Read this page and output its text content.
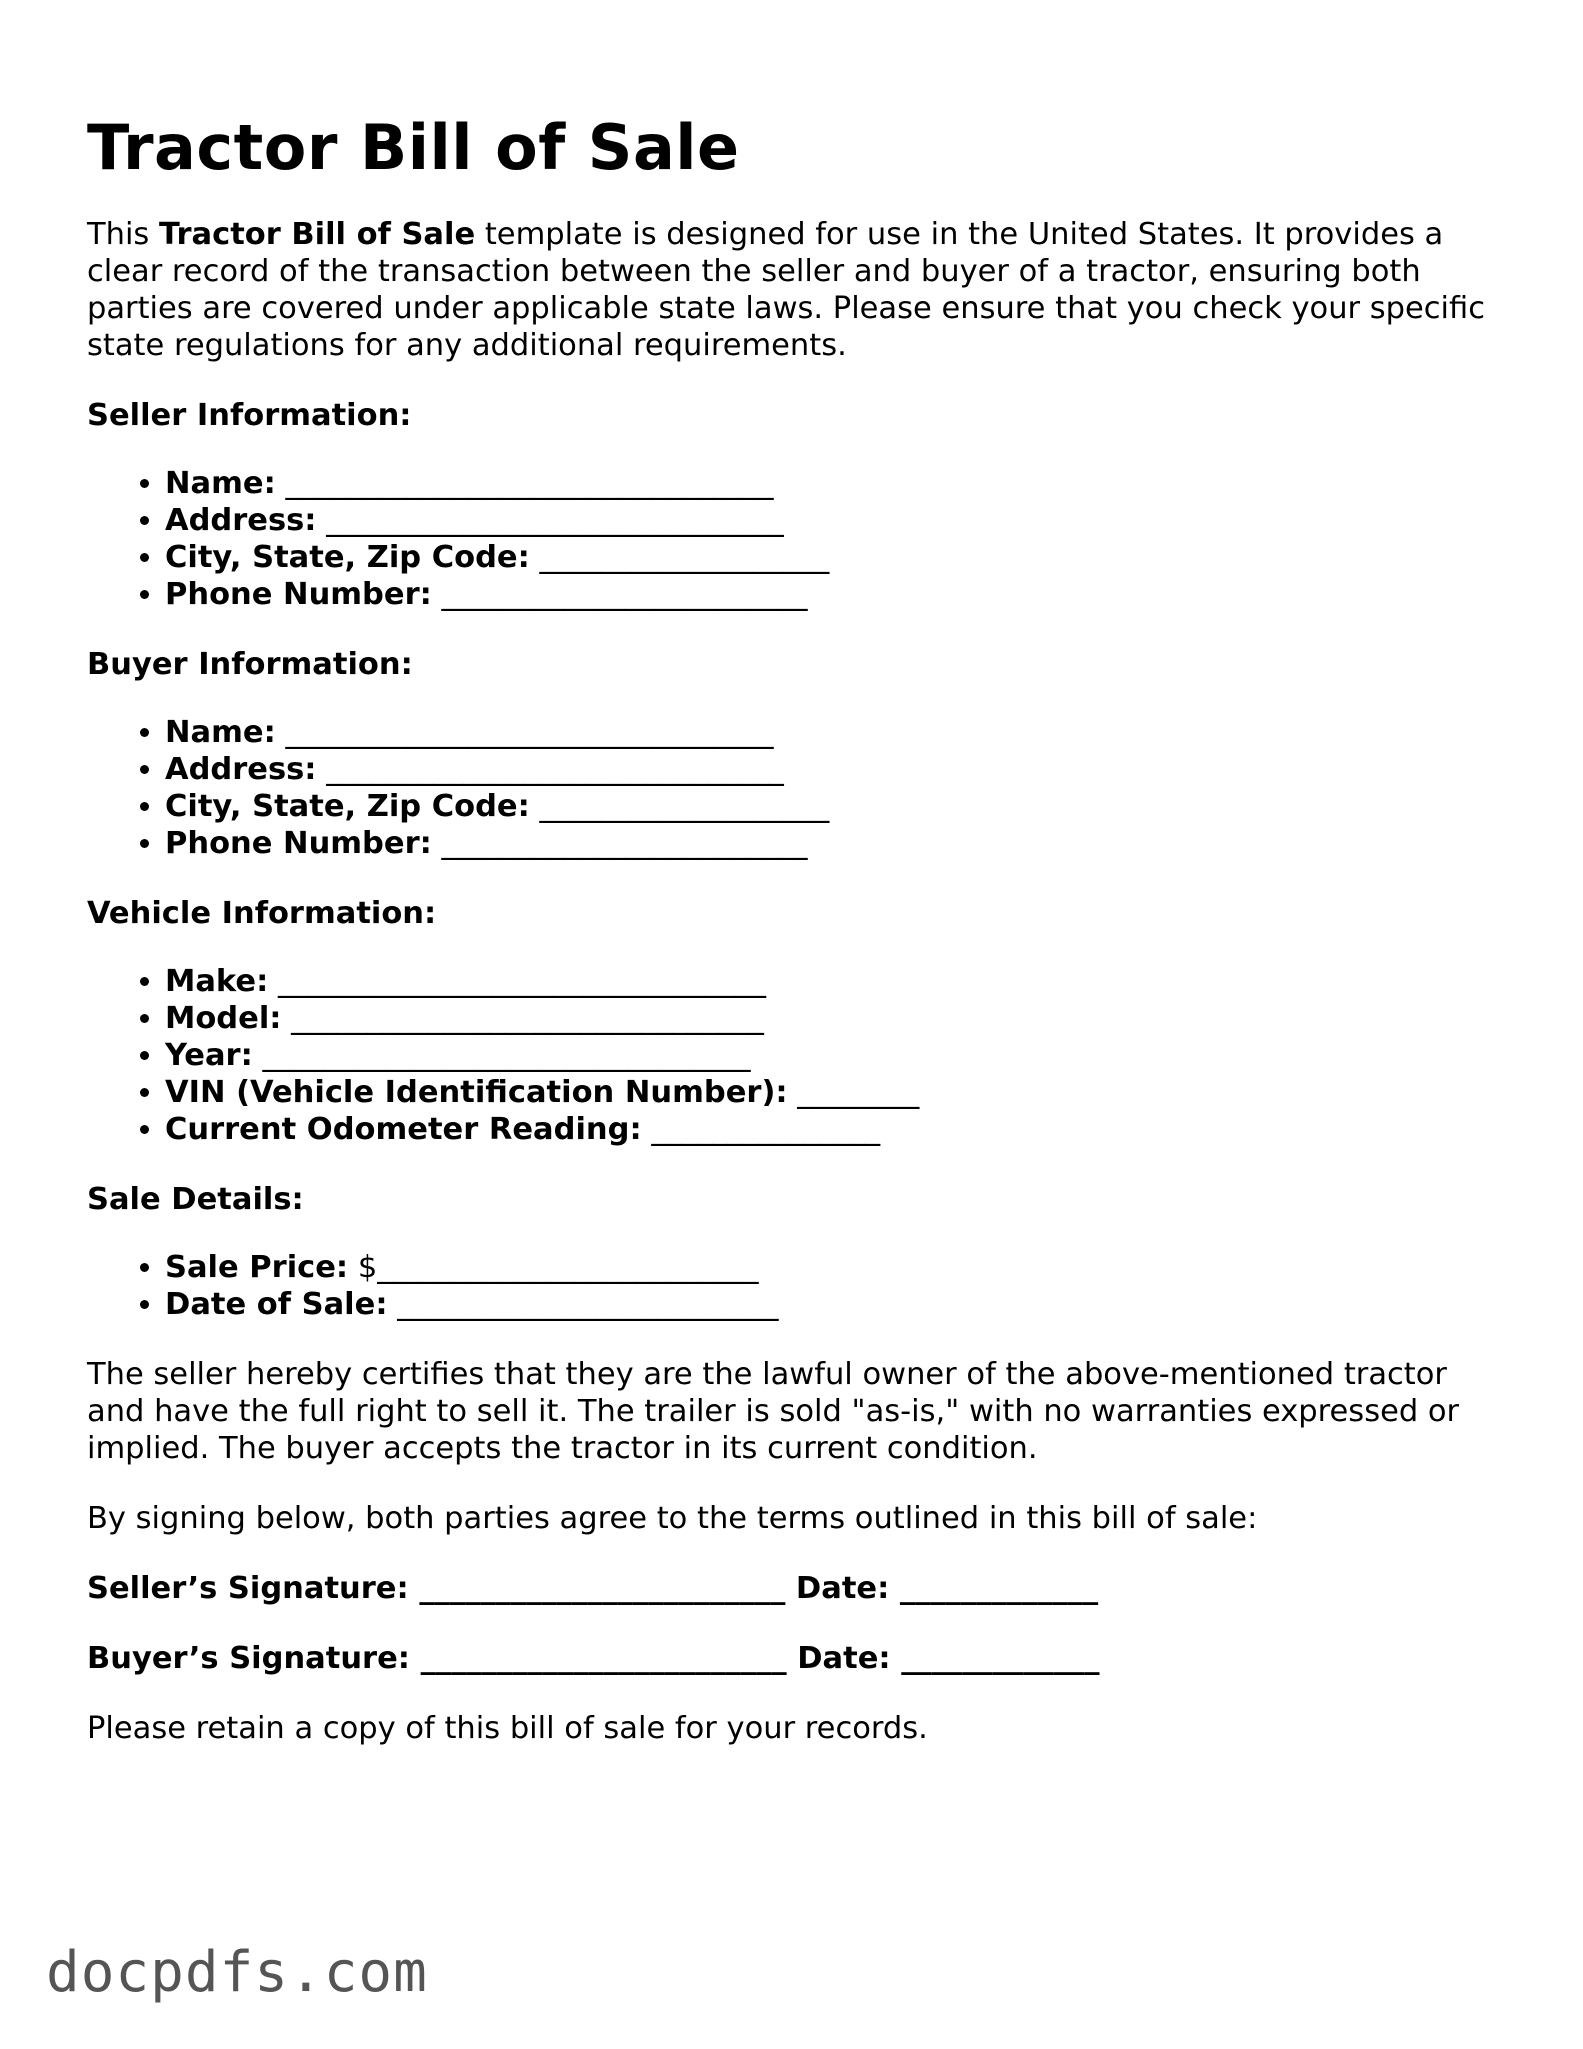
Tractor Bill of Sale

This Tractor Bill of Sale template is designed for use in the United States. It provides a clear record of the transaction between the seller and buyer of a tractor, ensuring both parties are covered under applicable state laws. Please ensure that you check your specific state regulations for any additional requirements.

Seller Information:

• Name: ________________________________
• Address: ______________________________
• City, State, Zip Code: ___________________
• Phone Number: ________________________

Buyer Information:

• Name: ________________________________
• Address: ______________________________
• City, State, Zip Code: ___________________
• Phone Number: ________________________

Vehicle Information:

• Make: ________________________________
• Model: _______________________________
• Year: ________________________________
• VIN (Vehicle Identification Number): ________
• Current Odometer Reading: _______________

Sale Details:

• Sale Price: $_________________________
• Date of Sale: _________________________

The seller hereby certifies that they are the lawful owner of the above-mentioned tractor and have the full right to sell it. The trailer is sold "as-is," with no warranties expressed or implied. The buyer accepts the tractor in its current condition.

By signing below, both parties agree to the terms outlined in this bill of sale:

Seller’s Signature: ________________________ Date: _____________

Buyer’s Signature: ________________________ Date: _____________

Please retain a copy of this bill of sale for your records.

docpdfs.com
